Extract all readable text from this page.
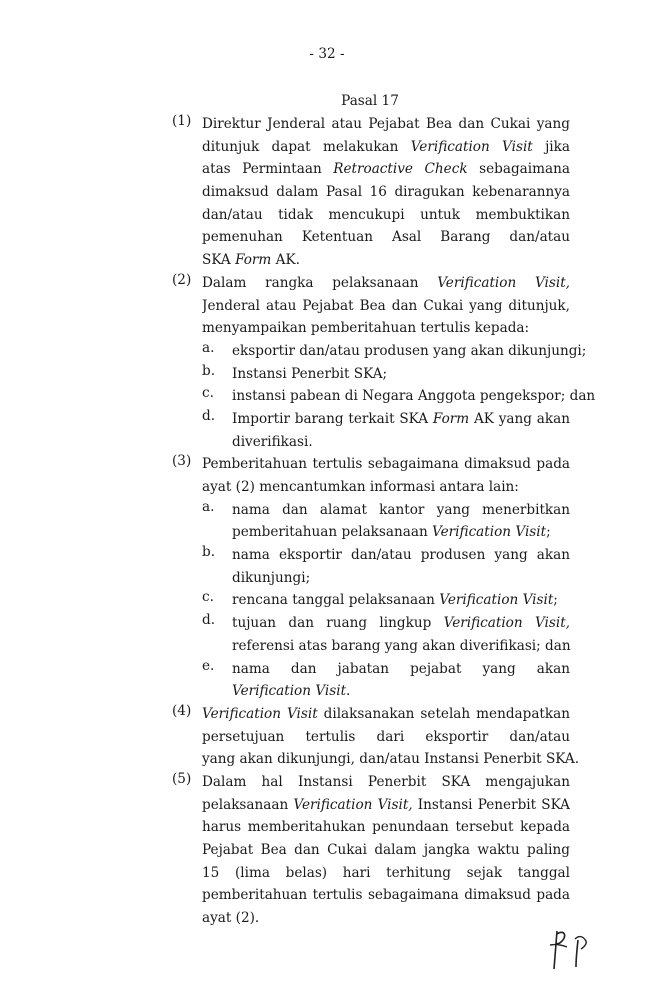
- 32 -
Pasal 17
(1) Direktur Jenderal atau Pejabat Bea dan Cukai yang
ditunjuk dapat melakukan Verification Visit jika
atas Permintaan Retroactive Check sebagaimana
dimaksud dalam Pasal 16 diragukan kebenarannya
dan/atau tidak mencukupi untuk membuktikan
pemenuhan Ketentuan Asal Barang dan/atau
SKA Form AK.
(2) Dalam rangka pelaksanaan Verification Visit,
Jenderal atau Pejabat Bea dan Cukai yang ditunjuk,
menyampaikan pemberitahuan tertulis kepada:
a. eksportir dan/atau produsen yang akan dikunjungi;
b. Instansi Penerbit SKA;
c. instansi pabean di Negara Anggota pengekspor; dan
d. Importir barang terkait SKA Form AK yang akan
diverifikasi.
(3) Pemberitahuan tertulis sebagaimana dimaksud pada
ayat (2) mencantumkan informasi antara lain:
a. nama dan alamat kantor yang menerbitkan
pemberitahuan pelaksanaan Verification Visit;
b. nama eksportir dan/atau produsen yang akan
dikunjungi;
c. rencana tanggal pelaksanaan Verification Visit;
d. tujuan dan ruang lingkup Verification Visit,
referensi atas barang yang akan diverifikasi; dan
e. nama dan jabatan pejabat yang akan
Verification Visit.
(4) Verification Visit dilaksanakan setelah mendapatkan
persetujuan tertulis dari eksportir dan/atau
yang akan dikunjungi, dan/atau Instansi Penerbit SKA.
(5) Dalam hal Instansi Penerbit SKA mengajukan
pelaksanaan Verification Visit, Instansi Penerbit SKA
harus memberitahukan penundaan tersebut kepada
Pejabat Bea dan Cukai dalam jangka waktu paling
15 (lima belas) hari terhitung sejak tanggal
pemberitahuan tertulis sebagaimana dimaksud pada
ayat (2).
